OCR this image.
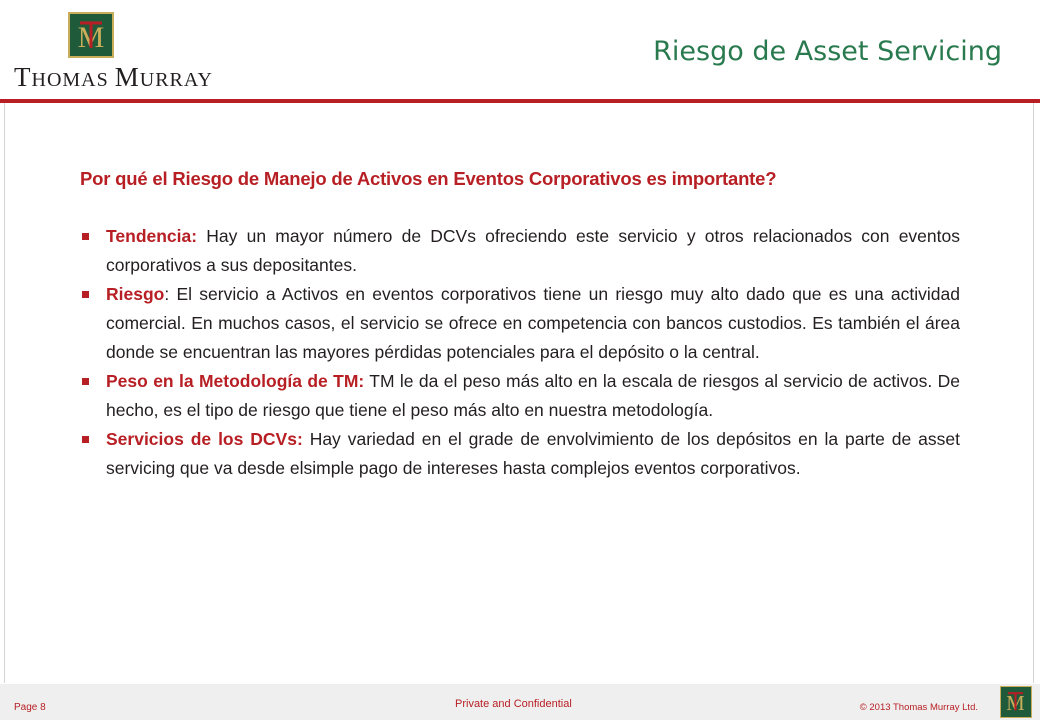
M
THOMAS MURRAY
Riesgo de Asset Servicing
Por qué el Riesgo de Manejo de Activos en Eventos Corporativos es importante?
Tendencia: Hay un mayor número de DCVs ofreciendo este servicio y otros relacionados con eventos corporativos a sus depositantes.
Riesgo: El servicio a Activos en eventos corporativos tiene un riesgo muy alto dado que es una actividad comercial. En muchos casos, el servicio se ofrece en competencia con bancos custodios. Es también el área donde se encuentran las mayores pérdidas potenciales para el depósito o la central.
Peso en la Metodología de TM: TM le da el peso más alto en la escala de riesgos al servicio de activos. De hecho, es el tipo de riesgo que tiene el peso más alto en nuestra metodología.
Servicios de los DCVs: Hay variedad en el grade de envolvimiento de los depósitos en la parte de asset servicing que va desde elsimple pago de intereses hasta complejos eventos corporativos.
Page 8	Private and Confidential	© 2013 Thomas Murray Ltd. M
